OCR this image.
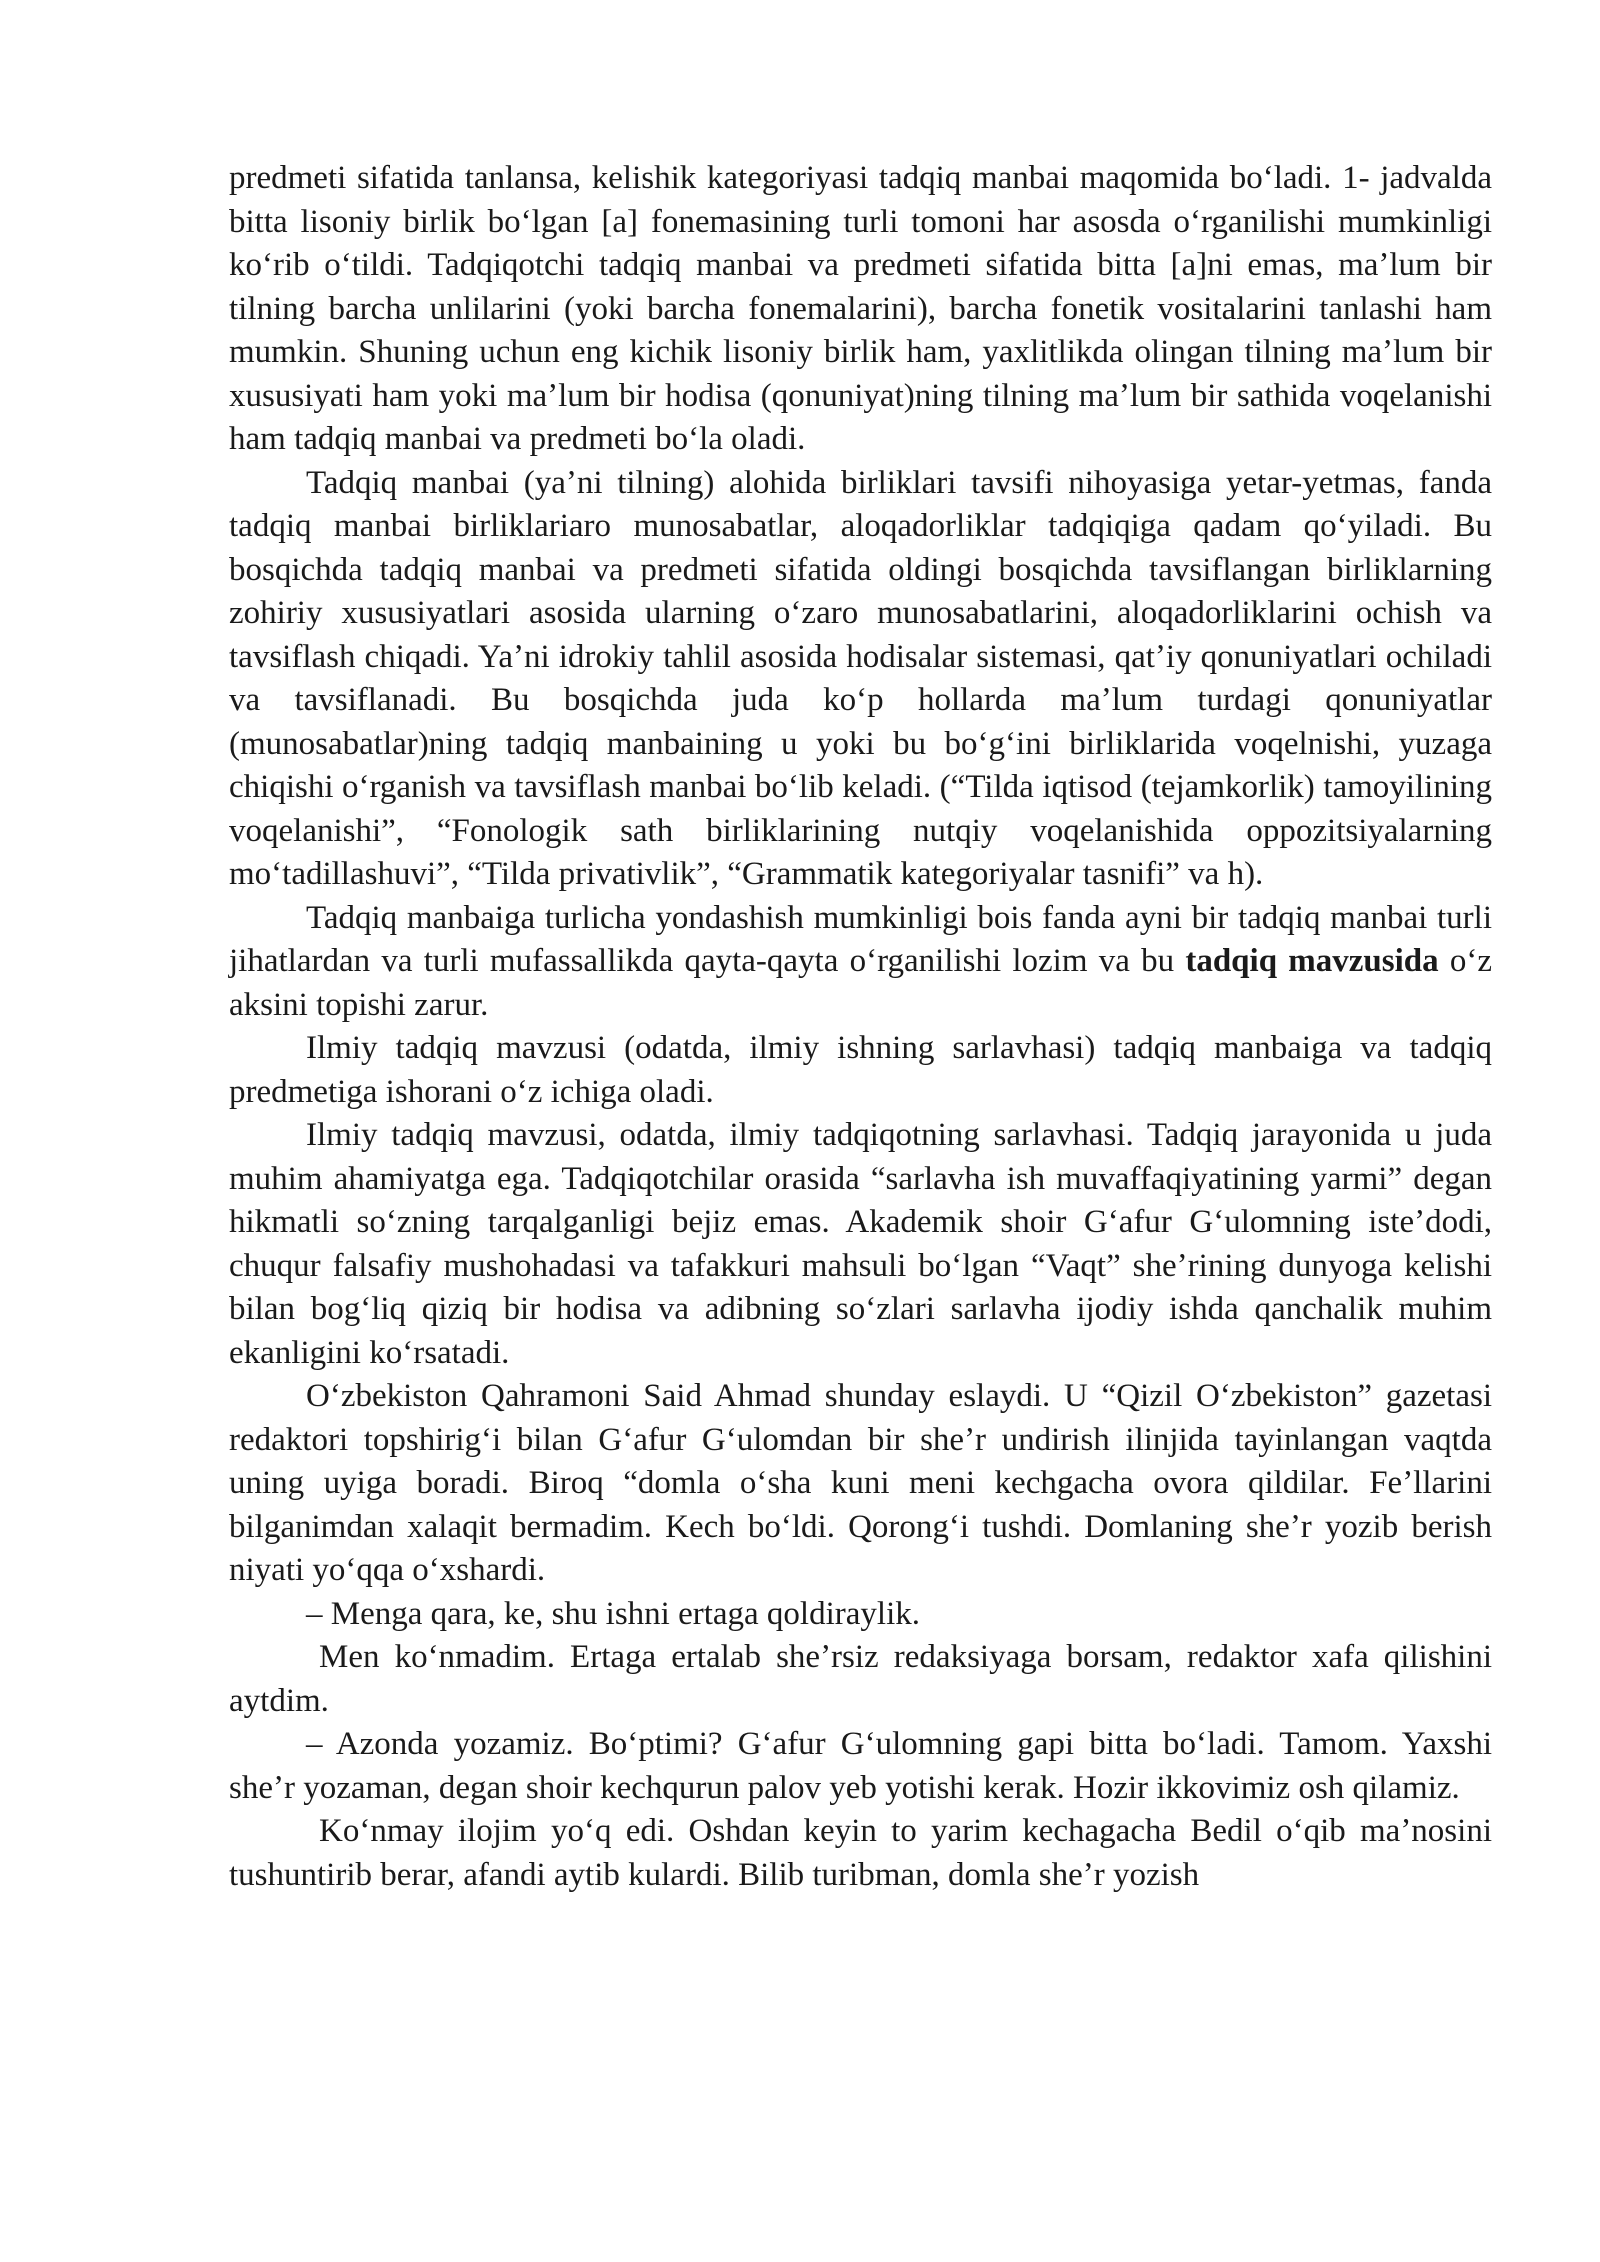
predmeti sifatida tanlansa, kelishik kategoriyasi tadqiq manbai maqomida boʻladi. 1- jadvalda bitta lisoniy birlik boʻlgan [a] fonemasining turli tomoni har asosda oʻrganilishi mumkinligi koʻrib oʻtildi. Tadqiqotchi tadqiq manbai va predmeti sifatida bitta [a]ni emas, maʼlum bir tilning barcha unlilarini (yoki barcha fonemalarini), barcha fonetik vositalarini tanlashi ham mumkin. Shuning uchun eng kichik lisoniy birlik ham, yaxlitlikda olingan tilning maʼlum bir xususiyati ham yoki maʼlum bir hodisa (qonuniyat)ning tilning maʼlum bir sathida voqelanishi ham tadqiq manbai va predmeti boʻla oladi.

Tadqiq manbai (yaʼni tilning) alohida birliklari tavsifi nihoyasiga yetar-yetmas, fanda tadqiq manbai birliklariaro munosabatlar, aloqadorliklar tadqiqiga qadam qoʻyiladi. Bu bosqichda tadqiq manbai va predmeti sifatida oldingi bosqichda tavsiflangan birliklarning zohiriy xususiyatlari asosida ularning oʻzaro munosabatlarini, aloqadorliklarini ochish va tavsiflash chiqadi. Yaʼni idrokiy tahlil asosida hodisalar sistemasi, qatʼiy qonuniyatlari ochiladi va tavsiflanadi. Bu bosqichda juda koʻp hollarda maʼlum turdagi qonuniyatlar (munosabatlar)ning tadqiq manbaining u yoki bu boʻgʻini birliklarida voqelnishi, yuzaga chiqishi oʻrganish va tavsiflash manbai boʻlib keladi. (“Tilda iqtisod (tejamkorlik) tamoyilining voqelanishi”, “Fonologik sath birliklarining nutqiy voqelanishida oppozitsiyalarning moʻtadillashuvi”, “Tilda privativlik”, “Grammatik kategoriyalar tasnifi” va h).

Tadqiq manbaiga turlicha yondashish mumkinligi bois fanda ayni bir tadqiq manbai turli jihatlardan va turli mufassallikda qayta-qayta oʻrganilishi lozim va bu tadqiq mavzusida oʻz aksini topishi zarur.

Ilmiy tadqiq mavzusi (odatda, ilmiy ishning sarlavhasi) tadqiq manbaiga va tadqiq predmetiga ishorani oʻz ichiga oladi.

Ilmiy tadqiq mavzusi, odatda, ilmiy tadqiqotning sarlavhasi. Tadqiq jarayonida u juda muhim ahamiyatga ega. Tadqiqotchilar orasida “sarlavha ish muvaffaqiyatining yarmi” degan hikmatli soʻzning tarqalganligi bejiz emas. Akademik shoir Gʻafur Gʻulomning isteʼdodi, chuqur falsafiy mushohadasi va tafakkuri mahsuli boʻlgan “Vaqt” sheʼrining dunyoga kelishi bilan bogʻliq qiziq bir hodisa va adibning soʻzlari sarlavha ijodiy ishda qanchalik muhim ekanligini koʻrsatadi.

Oʻzbekiston Qahramoni Said Ahmad shunday eslaydi. U “Qizil Oʻzbekiston” gazetasi redaktori topshirigʻi bilan Gʻafur Gʻulomdan bir sheʼr undirish ilinjida tayinlangan vaqtda uning uyiga boradi. Biroq “domla oʻsha kuni meni kechgacha ovora qildilar. Feʼllarini bilganimdan xalaqit bermadim. Kech boʻldi. Qorongʻi tushdi. Domlaning sheʼr yozib berish niyati yoʻqqa oʻxshardi.

– Menga qara, ke, shu ishni ertaga qoldiraylik.

Men koʻnmadim. Ertaga ertalab sheʼrsiz redaksiyaga borsam, redaktor xafa qilishini aytdim.

– Azonda yozamiz. Boʻptimi? Gʻafur Gʻulomning gapi bitta boʻladi. Tamom. Yaxshi sheʼr yozaman, degan shoir kechqurun palov yeb yotishi kerak. Hozir ikkovimiz osh qilamiz.

Koʻnmay ilojim yoʻq edi. Oshdan keyin to yarim kechagacha Bedil oʻqib maʼnosini tushuntirib berar, afandi aytib kulardi. Bilib turibman, domla sheʼr yozish
